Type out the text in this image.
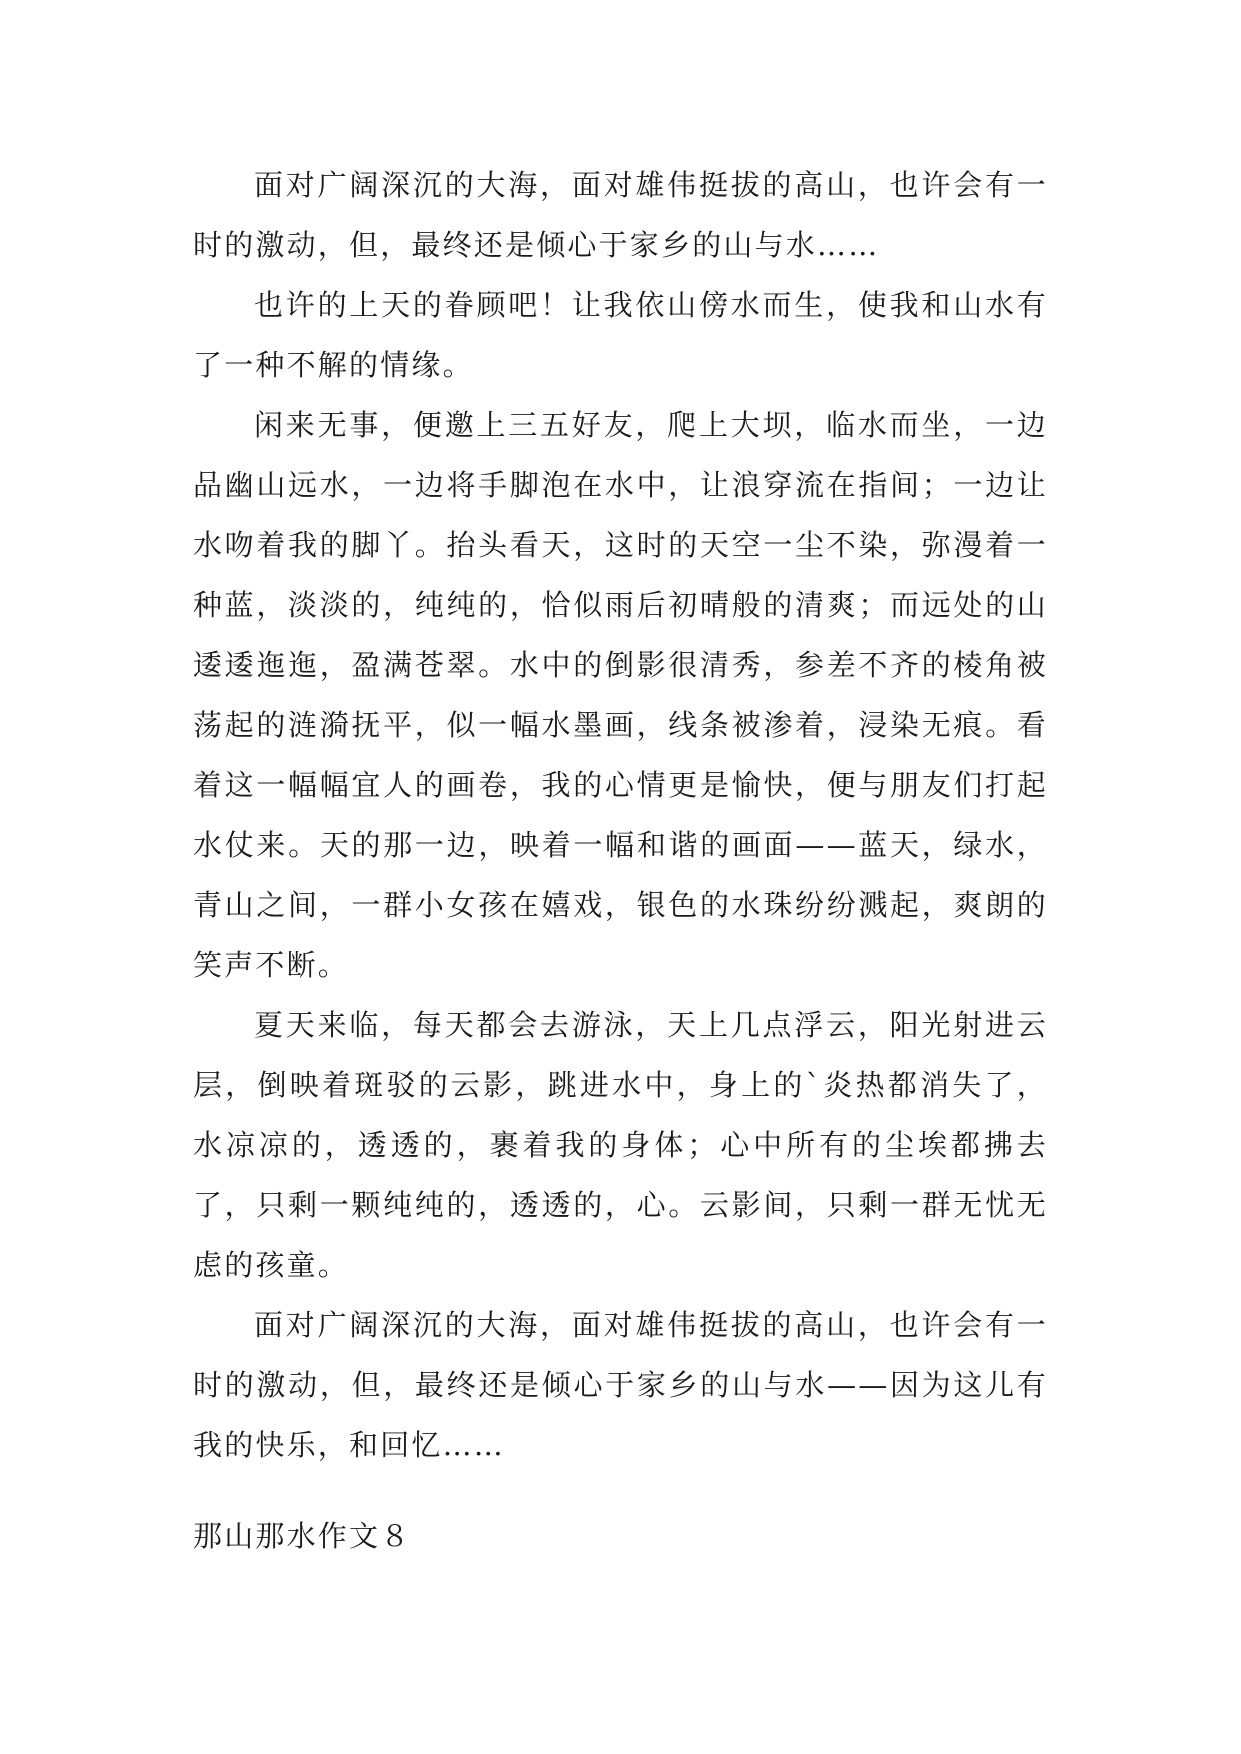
面对广阔深沉的大海，面对雄伟挺拔的高山，也许会有一时的激动，但，最终还是倾心于家乡的山与水……

也许的上天的眷顾吧！让我依山傍水而生，使我和山水有了一种不解的情缘。

闲来无事，便邀上三五好友，爬上大坝，临水而坐，一边品幽山远水，一边将手脚泡在水中，让浪穿流在指间；一边让水吻着我的脚丫。抬头看天，这时的天空一尘不染，弥漫着一种蓝，淡淡的，纯纯的，恰似雨后初晴般的清爽；而远处的山逶逶迤迤，盈满苍翠。水中的倒影很清秀，参差不齐的棱角被荡起的涟漪抚平，似一幅水墨画，线条被渗着，浸染无痕。看着这一幅幅宜人的画卷，我的心情更是愉快，便与朋友们打起水仗来。天的那一边，映着一幅和谐的画面——蓝天，绿水，青山之间，一群小女孩在嬉戏，银色的水珠纷纷溅起，爽朗的笑声不断。

夏天来临，每天都会去游泳，天上几点浮云，阳光射进云层，倒映着斑驳的云影，跳进水中，身上的`炎热都消失了，水凉凉的，透透的，裹着我的身体；心中所有的尘埃都拂去了，只剩一颗纯纯的，透透的，心。云影间，只剩一群无忧无虑的孩童。

面对广阔深沉的大海，面对雄伟挺拔的高山，也许会有一时的激动，但，最终还是倾心于家乡的山与水——因为这儿有我的快乐，和回忆……

那山那水作文８
